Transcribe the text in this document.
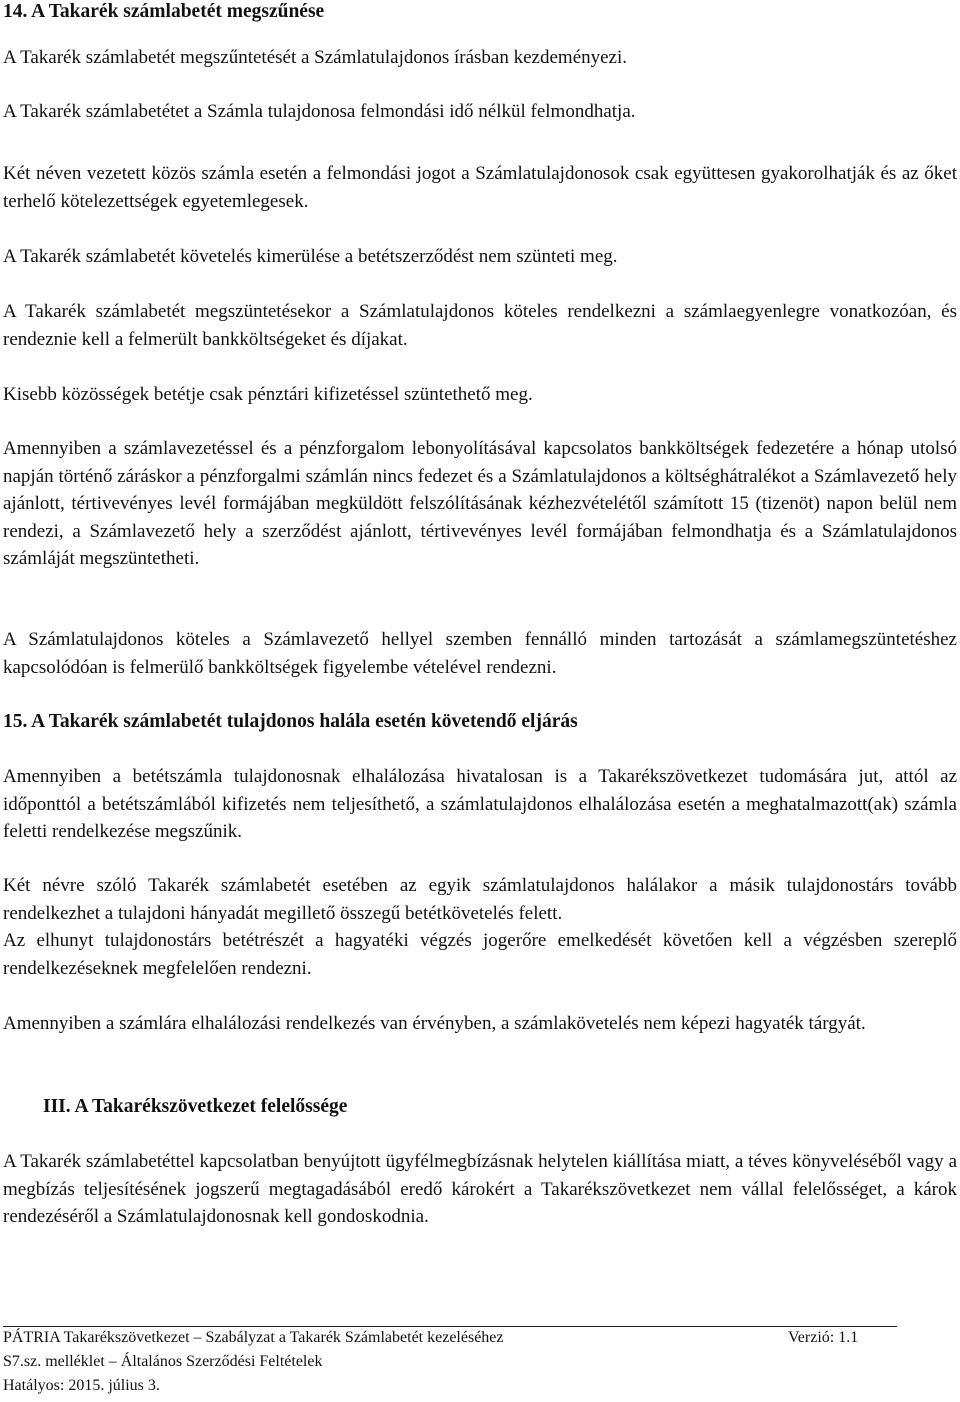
14. A Takarék számlabetét megszűnése
A Takarék számlabetét megszűntetését a Számlatulajdonos írásban kezdeményezi.
A Takarék számlabetétet a Számla tulajdonosa felmondási idő nélkül felmondhatja.
Két néven vezetett közös számla esetén a felmondási jogot a Számlatulajdonosok csak együttesen gyakorolhatják és az őket terhelő kötelezettségek egyetemlegesek.
A Takarék számlabetét követelés kimerülése a betétszerződést nem szünteti meg.
A Takarék számlabetét megszüntetésekor a Számlatulajdonos köteles rendelkezni a számlaegyenlegre vonatkozóan, és rendeznie kell a felmerült bankköltségeket és díjakat.
Kisebb közösségek betétje csak pénztári kifizetéssel szüntethető meg.
Amennyiben a számlavezetéssel és a pénzforgalom lebonyolításával kapcsolatos bankköltségek fedezetére a hónap utolsó napján történő záráskor a pénzforgalmi számlán nincs fedezet és a Számlatulajdonos a költséghátralékot a Számlavezető hely ajánlott, tértivevényes levél formájában megküldött felszólításának kézhezvételétől számított 15 (tizenöt) napon belül nem rendezi, a Számlavezető hely a szerződést ajánlott, tértivevényes levél formájában felmondhatja és a Számlatulajdonos számláját megszüntetheti.
A Számlatulajdonos köteles a Számlavezető hellyel szemben fennálló minden tartozását a számlamegszüntetéshez kapcsolódóan is felmerülő bankköltségek figyelembe vételével rendezni.
15. A Takarék számlabetét tulajdonos halála esetén követendő eljárás
Amennyiben a betétszámla tulajdonosnak elhalálozása hivatalosan is a Takarékszövetkezet tudomására jut, attól az időponttól a betétszámlából kifizetés nem teljesíthető, a számlatulajdonos elhalálozása esetén a meghatalmazott(ak) számla feletti rendelkezése megszűnik.
Két névre szóló Takarék számlabetét esetében az egyik számlatulajdonos halálakor a másik tulajdonostárs tovább rendelkezhet a tulajdoni hányadát megillető összegű betétkövetelés felett.
Az elhunyt tulajdonostárs betétrészét a hagyatéki végzés jogerőre emelkedését követően kell a végzésben szereplő rendelkezéseknek megfelelően rendezni.
Amennyiben a számlára elhalálozási rendelkezés van érvényben, a számlakövetelés nem képezi hagyaték tárgyát.
III. A Takarékszövetkezet felelőssége
A Takarék számlabetéttel kapcsolatban benyújtott ügyfélmegbízásnak helytelen kiállítása miatt, a téves könyveléséből vagy a megbízás teljesítésének jogszerű megtagadásából eredő károkért a Takarékszövetkezet nem vállal felelősséget, a károk rendezéséről a Számlatulajdonosnak kell gondoskodnia.
PÁTRIA Takarékszövetkezet – Szabályzat a Takarék Számlabetét kezeléséhez	Verzió: 1.1
S7.sz. melléklet – Általános Szerződési Feltételek
Hatályos: 2015. július 3.
